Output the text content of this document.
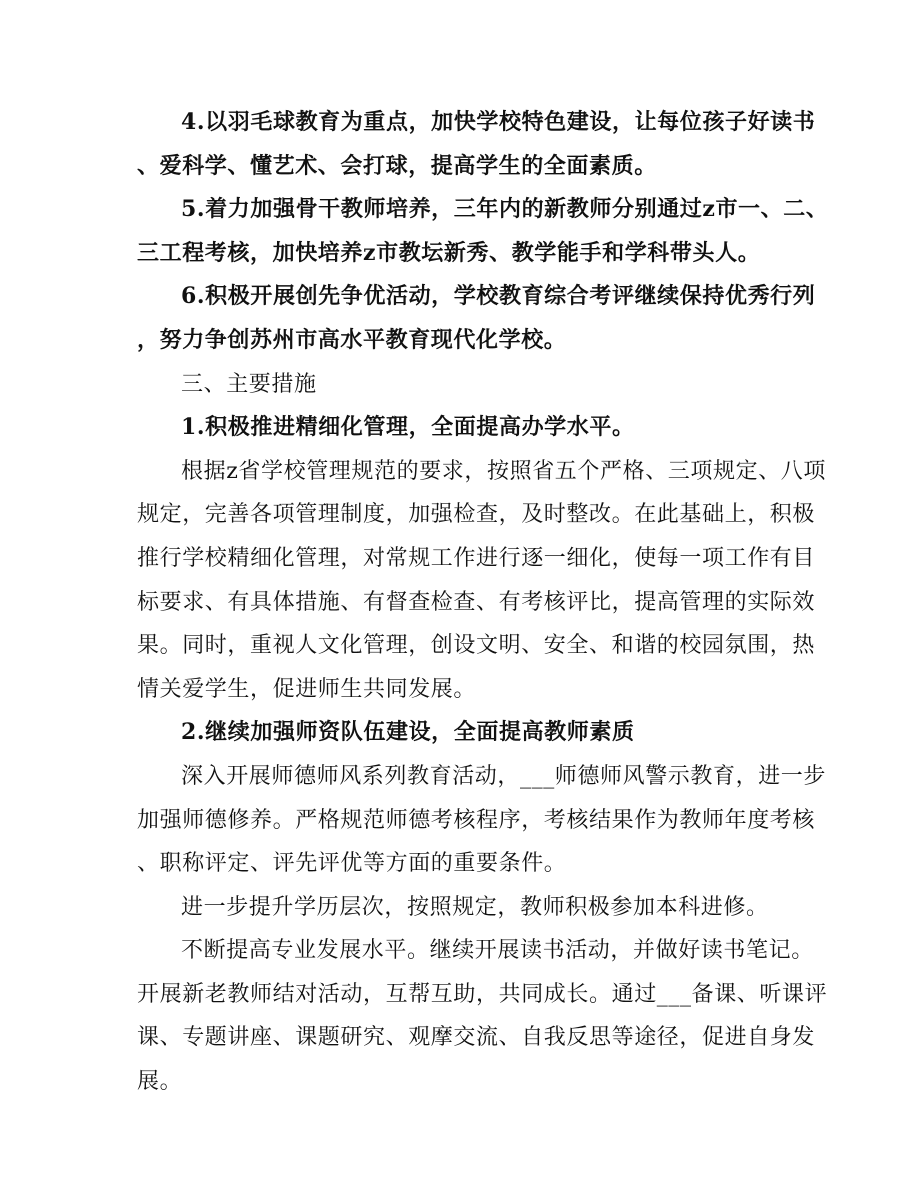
4.以羽毛球教育为重点，加快学校特色建设，让每位孩子好读书
、爱科学、懂艺术、会打球，提高学生的全面素质。
5.着力加强骨干教师培养，三年内的新教师分别通过z市一、二、
三工程考核，加快培养z市教坛新秀、教学能手和学科带头人。
6.积极开展创先争优活动，学校教育综合考评继续保持优秀行列
，努力争创苏州市高水平教育现代化学校。
三、主要措施
1.积极推进精细化管理，全面提高办学水平。
根据z省学校管理规范的要求，按照省五个严格、三项规定、八项
规定，完善各项管理制度，加强检查，及时整改。在此基础上，积极
推行学校精细化管理，对常规工作进行逐一细化，使每一项工作有目
标要求、有具体措施、有督查检查、有考核评比，提高管理的实际效
果。同时，重视人文化管理，创设文明、安全、和谐的校园氛围，热
情关爱学生，促进师生共同发展。
2.继续加强师资队伍建设，全面提高教师素质
深入开展师德师风系列教育活动，___师德师风警示教育，进一步
加强师德修养。严格规范师德考核程序，考核结果作为教师年度考核
、职称评定、评先评优等方面的重要条件。
进一步提升学历层次，按照规定，教师积极参加本科进修。
不断提高专业发展水平。继续开展读书活动，并做好读书笔记。
开展新老教师结对活动，互帮互助，共同成长。通过___备课、听课评
课、专题讲座、课题研究、观摩交流、自我反思等途径，促进自身发
展。
